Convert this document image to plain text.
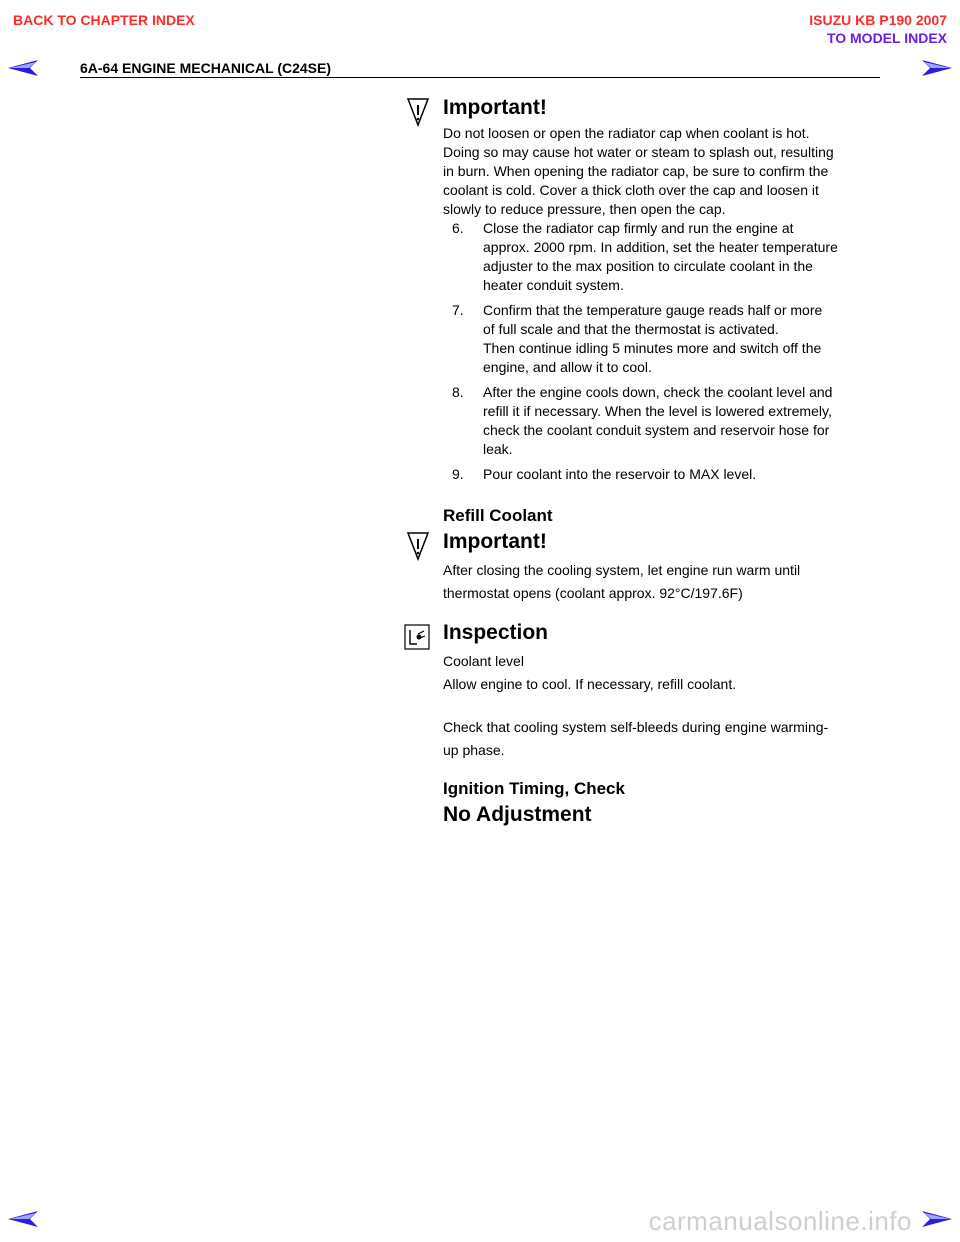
BACK TO CHAPTER INDEX	ISUZU KB P190 2007
TO MODEL INDEX
6A-64 ENGINE MECHANICAL (C24SE)

Important!

Do not loosen or open the radiator cap when coolant is hot.

Doing so may cause hot water or steam to splash out, resulting

in burn. When opening the radiator cap, be sure to confirm the

coolant is cold. Cover a thick cloth over the cap and loosen it

slowly to reduce pressure, then open the cap.

6. Close the radiator cap firmly and run the engine at

approx. 2000 rpm. In addition, set the heater temperature

adjuster to the max position to circulate coolant in the

heater conduit system.

7. Confirm that the temperature gauge reads half or more

of full scale and that the thermostat is activated.

Then continue idling 5 minutes more and switch off the

engine, and allow it to cool.

8. After the engine cools down, check the coolant level and

refill it if necessary. When the level is lowered extremely,

check the coolant conduit system and reservoir hose for

leak.

9. Pour coolant into the reservoir to MAX level.

Refill Coolant

Important!

After closing the cooling system, let engine run warm until

thermostat opens (coolant approx. 92°C/197.6F)

Inspection

Coolant level

Allow engine to cool. If necessary, refill coolant.

Check that cooling system self-bleeds during engine warming-

up phase.

Ignition Timing, Check

No Adjustment

carmanualsonline.info
